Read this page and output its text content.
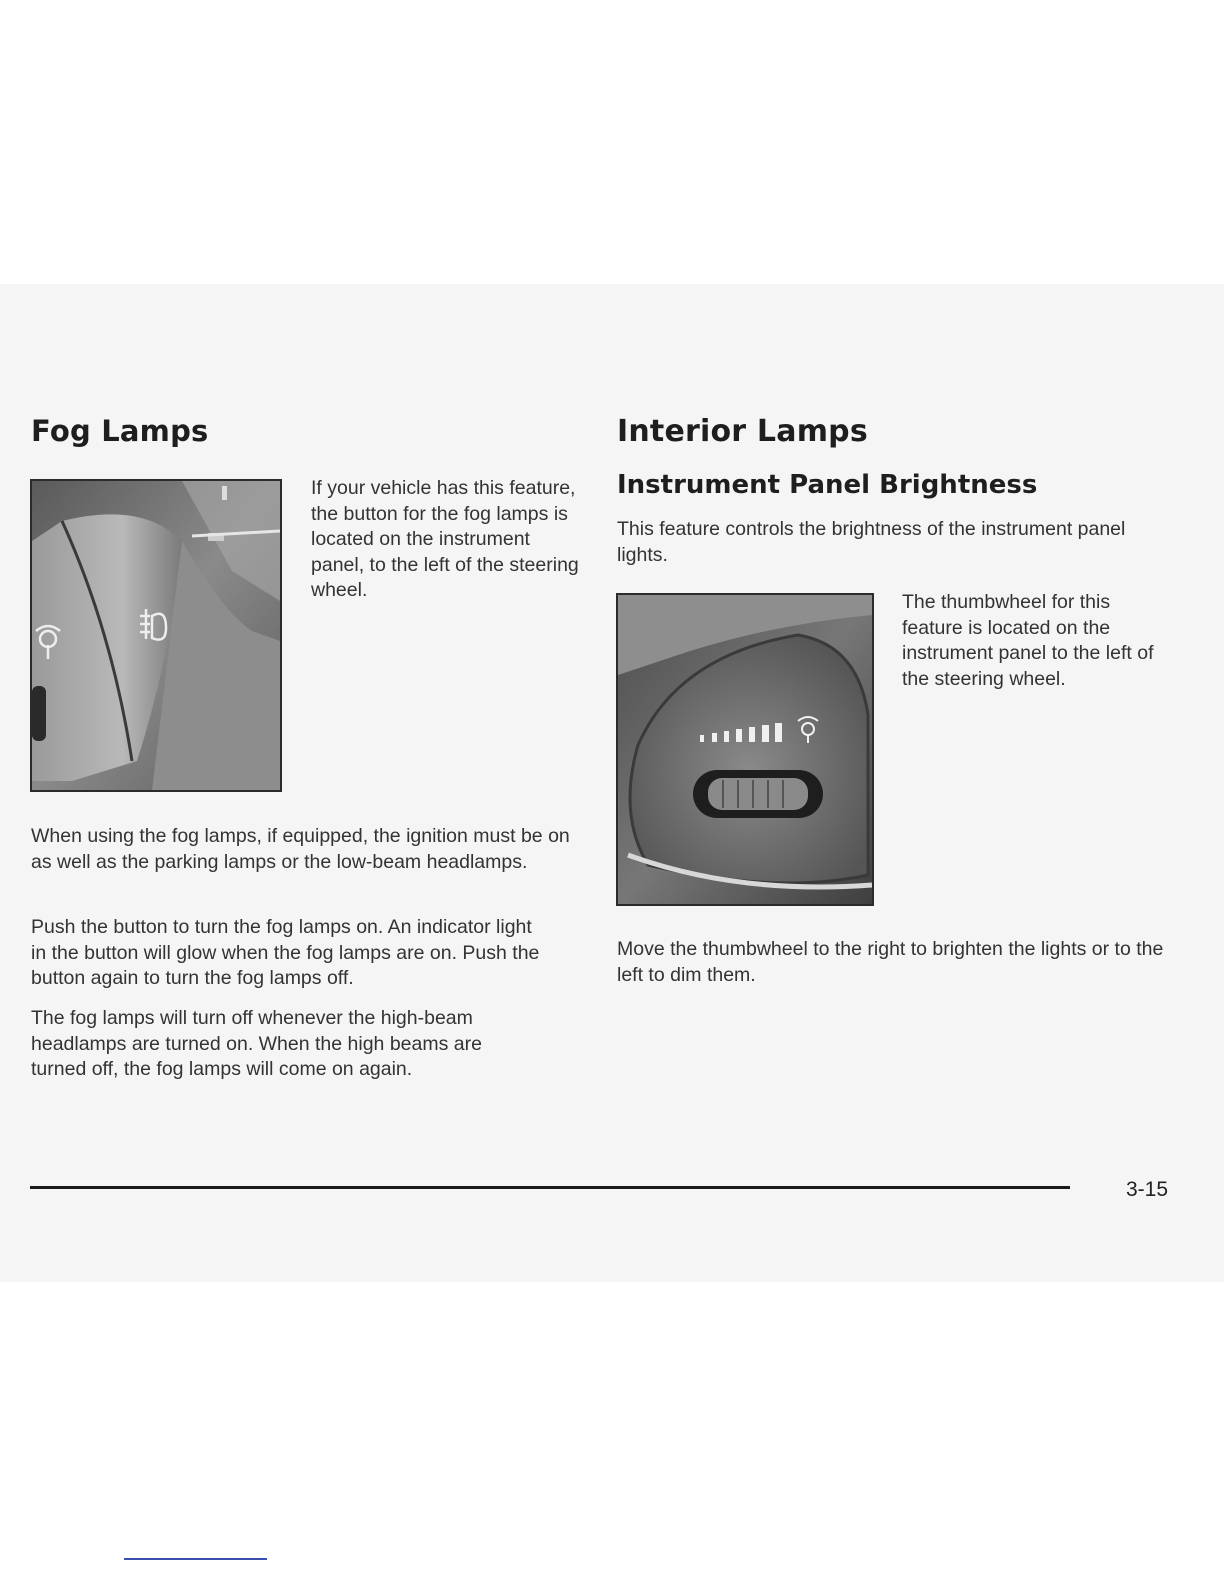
Fog Lamps

If your vehicle has this feature, the button for the fog lamps is located on the instrument panel, to the left of the steering wheel.

When using the fog lamps, if equipped, the ignition must be on as well as the parking lamps or the low-beam headlamps.

Push the button to turn the fog lamps on. An indicator light in the button will glow when the fog lamps are on. Push the button again to turn the fog lamps off.

The fog lamps will turn off whenever the high-beam headlamps are turned on. When the high beams are turned off, the fog lamps will come on again.

Interior Lamps
Instrument Panel Brightness

This feature controls the brightness of the instrument panel lights.

The thumbwheel for this feature is located on the instrument panel to the left of the steering wheel.

Move the thumbwheel to the right to brighten the lights or to the left to dim them.

3-15
